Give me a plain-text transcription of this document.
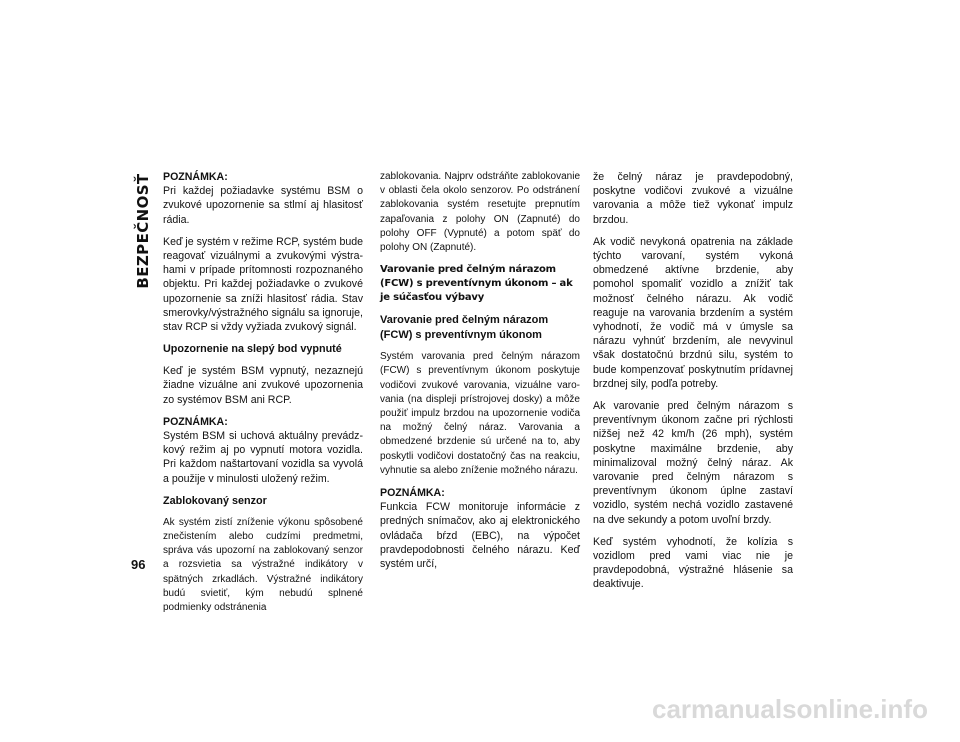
BEZPEČNOSŤ
96

POZNÁMKA:
Pri každej požiadavke systému BSM o zvukové upozornenie sa stlmí aj hlasitosť rádia.

Keď je systém v režime RCP, systém bude reagovať vizuálnymi a zvukovými výstrahami v prípade prítomnosti rozpoznaného objektu. Pri každej požiadavke o zvukové upozornenie sa zníži hlasitosť rádia. Stav smerovky/výstražného signálu sa ignoruje, stav RCP si vždy vyžiada zvukový signál.

Upozornenie na slepý bod vypnuté

Keď je systém BSM vypnutý, nezaznejú žiadne vizuálne ani zvukové upozornenia zo systémov BSM ani RCP.

POZNÁMKA:
Systém BSM si uchová aktuálny prevádzkový režim aj po vypnutí motora vozidla. Pri každom naštartovaní vozidla sa vyvolá a použije v minulosti uložený režim.

Zablokovaný senzor

Ak systém zistí zníženie výkonu spôsobené znečistením alebo cudzími predmetmi, správa vás upozorní na zablokovaný senzor a rozsvietia sa výstražné indikátory v spätných zrkadlách. Výstražné indikátory budú svietiť, kým nebudú splnené podmienky odstránenia

zablokovania. Najprv odstráňte zablokovanie v oblasti čela okolo senzorov. Po odstránení zablokovania systém resetujte prepnutím zapaľovania z polohy ON (Zapnuté) do polohy OFF (Vypnuté) a potom späť do polohy ON (Zapnuté).

Varovanie pred čelným nárazom (FCW) s preventívnym úkonom – ak je súčasťou výbavy
Varovanie pred čelným nárazom (FCW) s preventívnym úkonom

Systém varovania pred čelným nárazom (FCW) s preventívnym úkonom poskytuje vodičovi zvukové varovania, vizuálne varovania (na displeji prístrojovej dosky) a môže použiť impulz brzdou na upozornenie vodiča na možný čelný náraz. Varovania a obmedzené brzdenie sú určené na to, aby poskytli vodičovi dostatočný čas na reakciu, vyhnutie sa alebo zníženie možného nárazu.

POZNÁMKA:
Funkcia FCW monitoruje informácie z predných snímačov, ako aj elektronického ovládača bŕzd (EBC), na výpočet pravdepodobnosti čelného nárazu. Keď systém určí,

že čelný náraz je pravdepodobný, poskytne vodičovi zvukové a vizuálne varovania a môže tiež vykonať impulz brzdou.

Ak vodič nevykoná opatrenia na základe týchto varovaní, systém vykoná obmedzené aktívne brzdenie, aby pomohol spomaliť vozidlo a znížiť tak možnosť čelného nárazu. Ak vodič reaguje na varovania brzdením a systém vyhodnotí, že vodič má v úmysle sa nárazu vyhnúť brzdením, ale nevyvinul však dostatočnú brzdnú silu, systém to bude kompenzovať poskytnutím prídavnej brzdnej sily, podľa potreby.

Ak varovanie pred čelným nárazom s preventívnym úkonom začne pri rýchlosti nižšej než 42 km/h (26 mph), systém poskytne maximálne brzdenie, aby minimalizoval možný čelný náraz. Ak varovanie pred čelným nárazom s preventívnym úkonom úplne zastaví vozidlo, systém nechá vozidlo zastavené na dve sekundy a potom uvoľní brzdy.

Keď systém vyhodnotí, že kolízia s vozidlom pred vami viac nie je pravdepodobná, výstražné hlásenie sa deaktivuje.

carmanualsonline.info
